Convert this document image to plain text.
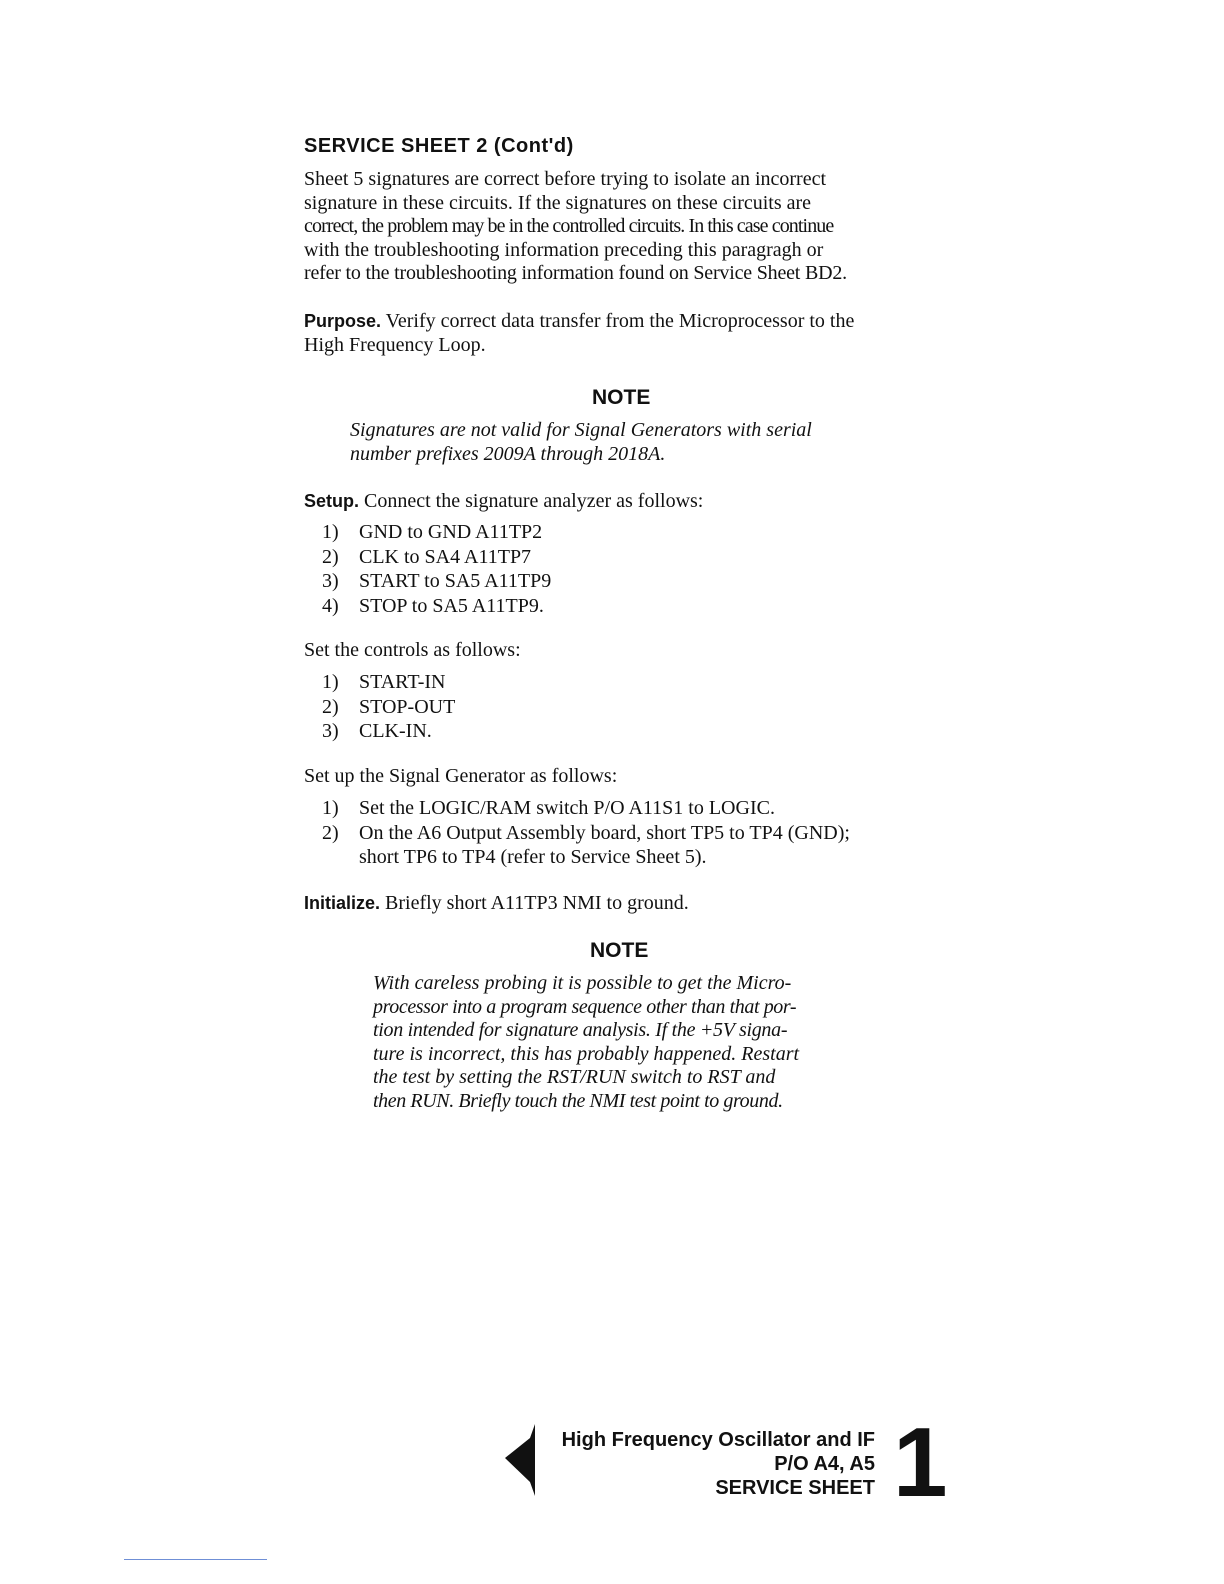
SERVICE SHEET 2 (Cont'd)
Sheet 5 signatures are correct before trying to isolate an incorrect
signature in these circuits. If the signatures on these circuits are
correct, the problem may be in the controlled circuits. In this case continue
with the troubleshooting information preceding this paragragh or
refer to the troubleshooting information found on Service Sheet BD2.
Purpose. Verify correct data transfer from the Microprocessor to the
High Frequency Loop.
NOTE
Signatures are not valid for Signal Generators with serial
number prefixes 2009A through 2018A.
Setup. Connect the signature analyzer as follows:
1)	GND to GND A11TP2
2)	CLK to SA4 A11TP7
3)	START to SA5 A11TP9
4)	STOP to SA5 A11TP9.
Set the controls as follows:
1)	START-IN
2)	STOP-OUT
3)	CLK-IN.
Set up the Signal Generator as follows:
1)	Set the LOGIC/RAM switch P/O A11S1 to LOGIC.
2)	On the A6 Output Assembly board, short TP5 to TP4 (GND);
short TP6 to TP4 (refer to Service Sheet 5).
Initialize. Briefly short A11TP3 NMI to ground.
NOTE
With careless probing it is possible to get the Micro-
processor into a program sequence other than that por-
tion intended for signature analysis. If the +5V signa-
ture is incorrect, this has probably happened. Restart
the test by setting the RST/RUN switch to RST and
then RUN. Briefly touch the NMI test point to ground.
High Frequency Oscillator and IF
P/O A4, A5
SERVICE SHEET 1
